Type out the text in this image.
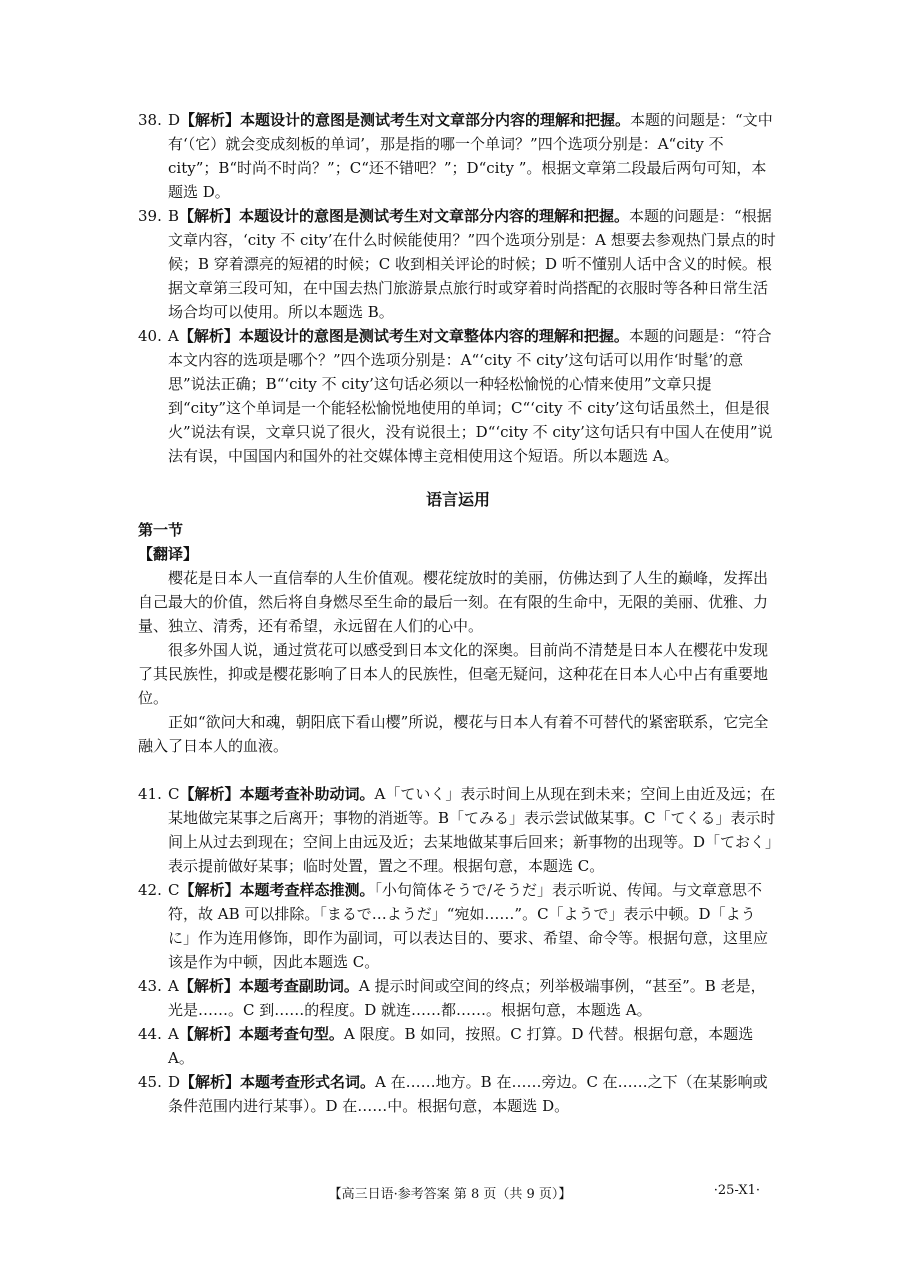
38. D【解析】本题设计的意图是测试考生对文章部分内容的理解和把握。本题的问题是：“文中有‘（它）就会变成刻板的单词’，那是指的哪一个单词？”四个选项分别是：A“city 不 city”；B“时尚不时尚？”；C“还不错吧？”；D“city ”。根据文章第二段最后两句可知，本题选 D。
39. B【解析】本题设计的意图是测试考生对文章部分内容的理解和把握。本题的问题是：“根据文章内容，‘city 不 city’在什么时候能使用？”四个选项分别是：A 想要去参观热门景点的时候；B 穿着漂亮的短裙的时候；C 收到相关评论的时候；D 听不懂别人话中含义的时候。根据文章第三段可知，在中国去热门旅游景点旅行时或穿着时尚搭配的衣服时等各种日常生活场合均可以使用。所以本题选 B。
40. A【解析】本题设计的意图是测试考生对文章整体内容的理解和把握。本题的问题是：“符合本文内容的选项是哪个？”四个选项分别是：A“‘city 不 city’这句话可以用作‘时髦’的意思”说法正确；B“‘city 不 city’这句话必须以一种轻松愉悦的心情来使用”文章只提到“city”这个单词是一个能轻松愉悦地使用的单词；C“‘city 不 city’这句话虽然土，但是很火”说法有误，文章只说了很火，没有说很土；D“‘city 不 city’这句话只有中国人在使用”说法有误，中国国内和国外的社交媒体博主竞相使用这个短语。所以本题选 A。
语言运用
第一节
【翻译】

樱花是日本人一直信奉的人生价值观。樱花绽放时的美丽，仿佛达到了人生的巅峰，发挥出自己最大的价值，然后将自身燃尽至生命的最后一刻。在有限的生命中，无限的美丽、优雅、力量、独立、清秀，还有希望，永远留在人们的心中。

很多外国人说，通过赏花可以感受到日本文化的深奥。目前尚不清楚是日本人在樱花中发现了其民族性，抑或是樱花影响了日本人的民族性，但毫无疑问，这种花在日本人心中占有重要地位。

正如“欲问大和魂，朝阳底下看山樱”所说，樱花与日本人有着不可替代的紧密联系，它完全融入了日本人的血液。

41. C【解析】本题考查补助动词。A「ていく」表示时间上从现在到未来；空间上由近及远；在某地做完某事之后离开；事物的消逝等。B「てみる」表示尝试做某事。C「てくる」表示时间上从过去到现在；空间上由远及近；去某地做某事后回来；新事物的出现等。D「ておく」表示提前做好某事；临时处置，置之不理。根据句意，本题选 C。
42. C【解析】本题考查样态推测。「小句简体そうで/そうだ」表示听说、传闻。与文章意思不符，故 AB 可以排除。「まるで…ようだ」“宛如……”。C「ようで」表示中顿。D「ように」作为连用修饰，即作为副词，可以表达目的、要求、希望、命令等。根据句意，这里应该是作为中顿，因此本题选 C。
43. A【解析】本题考查副助词。A 提示时间或空间的终点；列举极端事例，“甚至”。B 老是，光是……。C 到……的程度。D 就连……都……。根据句意，本题选 A。
44. A【解析】本题考查句型。A 限度。B 如同，按照。C 打算。D 代替。根据句意，本题选 A。
45. D【解析】本题考查形式名词。A 在……地方。B 在……旁边。C 在……之下（在某影响或条件范围内进行某事）。D 在……中。根据句意，本题选 D。
【高三日语·参考答案 第 8 页（共 9 页）】	·25-X1·
